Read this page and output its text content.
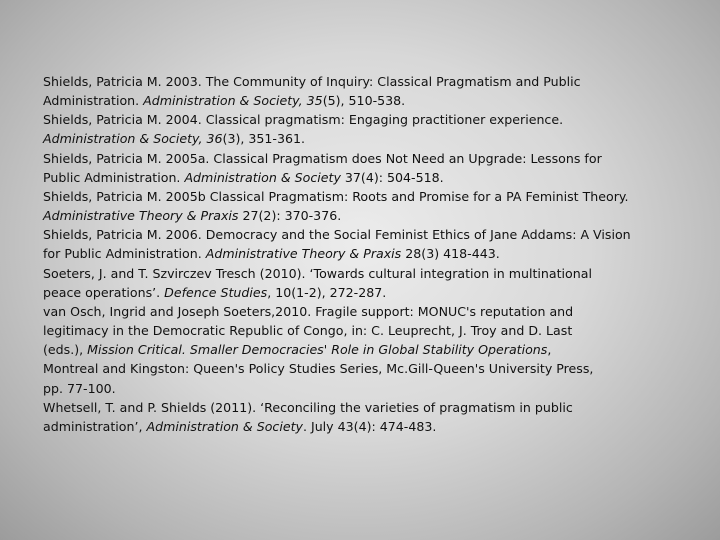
Shields, Patricia M. 2003. The Community of Inquiry: Classical Pragmatism and Public
Administration. Administration & Society, 35(5), 510-538.
Shields, Patricia M. 2004. Classical pragmatism: Engaging practitioner experience.
Administration & Society, 36(3), 351-361.
Shields, Patricia M. 2005a. Classical Pragmatism does Not Need an Upgrade: Lessons for
Public Administration. Administration & Society 37(4): 504-518.
Shields, Patricia M. 2005b Classical Pragmatism: Roots and Promise for a PA Feminist Theory.
Administrative Theory & Praxis 27(2): 370-376.
Shields, Patricia M. 2006. Democracy and the Social Feminist Ethics of Jane Addams: A Vision
for Public Administration. Administrative Theory & Praxis 28(3) 418-443.
Soeters, J. and T. Szvirczev Tresch (2010). ‘Towards cultural integration in multinational
peace operations’. Defence Studies, 10(1-2), 272-287.
van Osch, Ingrid and Joseph Soeters,2010. Fragile support: MONUC's reputation and
legitimacy in the Democratic Republic of Congo, in: C. Leuprecht, J. Troy and D. Last
(eds.), Mission Critical. Smaller Democracies' Role in Global Stability Operations,
Montreal and Kingston: Queen's Policy Studies Series, Mc.Gill-Queen's University Press,
pp. 77-100.
Whetsell, T. and P. Shields (2011). ‘Reconciling the varieties of pragmatism in public
administration’, Administration & Society. July 43(4): 474-483.
